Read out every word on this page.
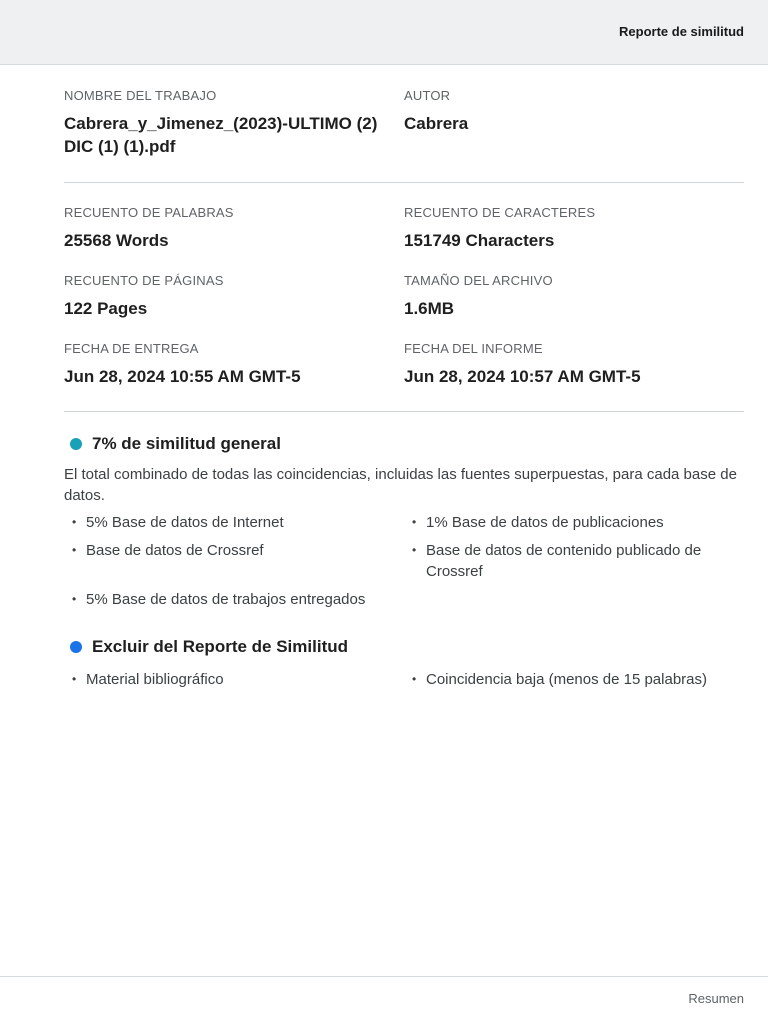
Reporte de similitud
NOMBRE DEL TRABAJO
Cabrera_y_Jimenez_(2023)-ULTIMO (2) DIC (1) (1).pdf
AUTOR
Cabrera
RECUENTO DE PALABRAS
25568 Words
RECUENTO DE CARACTERES
151749 Characters
RECUENTO DE PÁGINAS
122 Pages
TAMAÑO DEL ARCHIVO
1.6MB
FECHA DE ENTREGA
Jun 28, 2024 10:55 AM GMT-5
FECHA DEL INFORME
Jun 28, 2024 10:57 AM GMT-5
7% de similitud general
El total combinado de todas las coincidencias, incluidas las fuentes superpuestas, para cada base de datos.
• 5% Base de datos de Internet	• 1% Base de datos de publicaciones
• Base de datos de Crossref	• Base de datos de contenido publicado de Crossref
• 5% Base de datos de trabajos entregados
Excluir del Reporte de Similitud
• Material bibliográfico	• Coincidencia baja (menos de 15 palabras)
Resumen
